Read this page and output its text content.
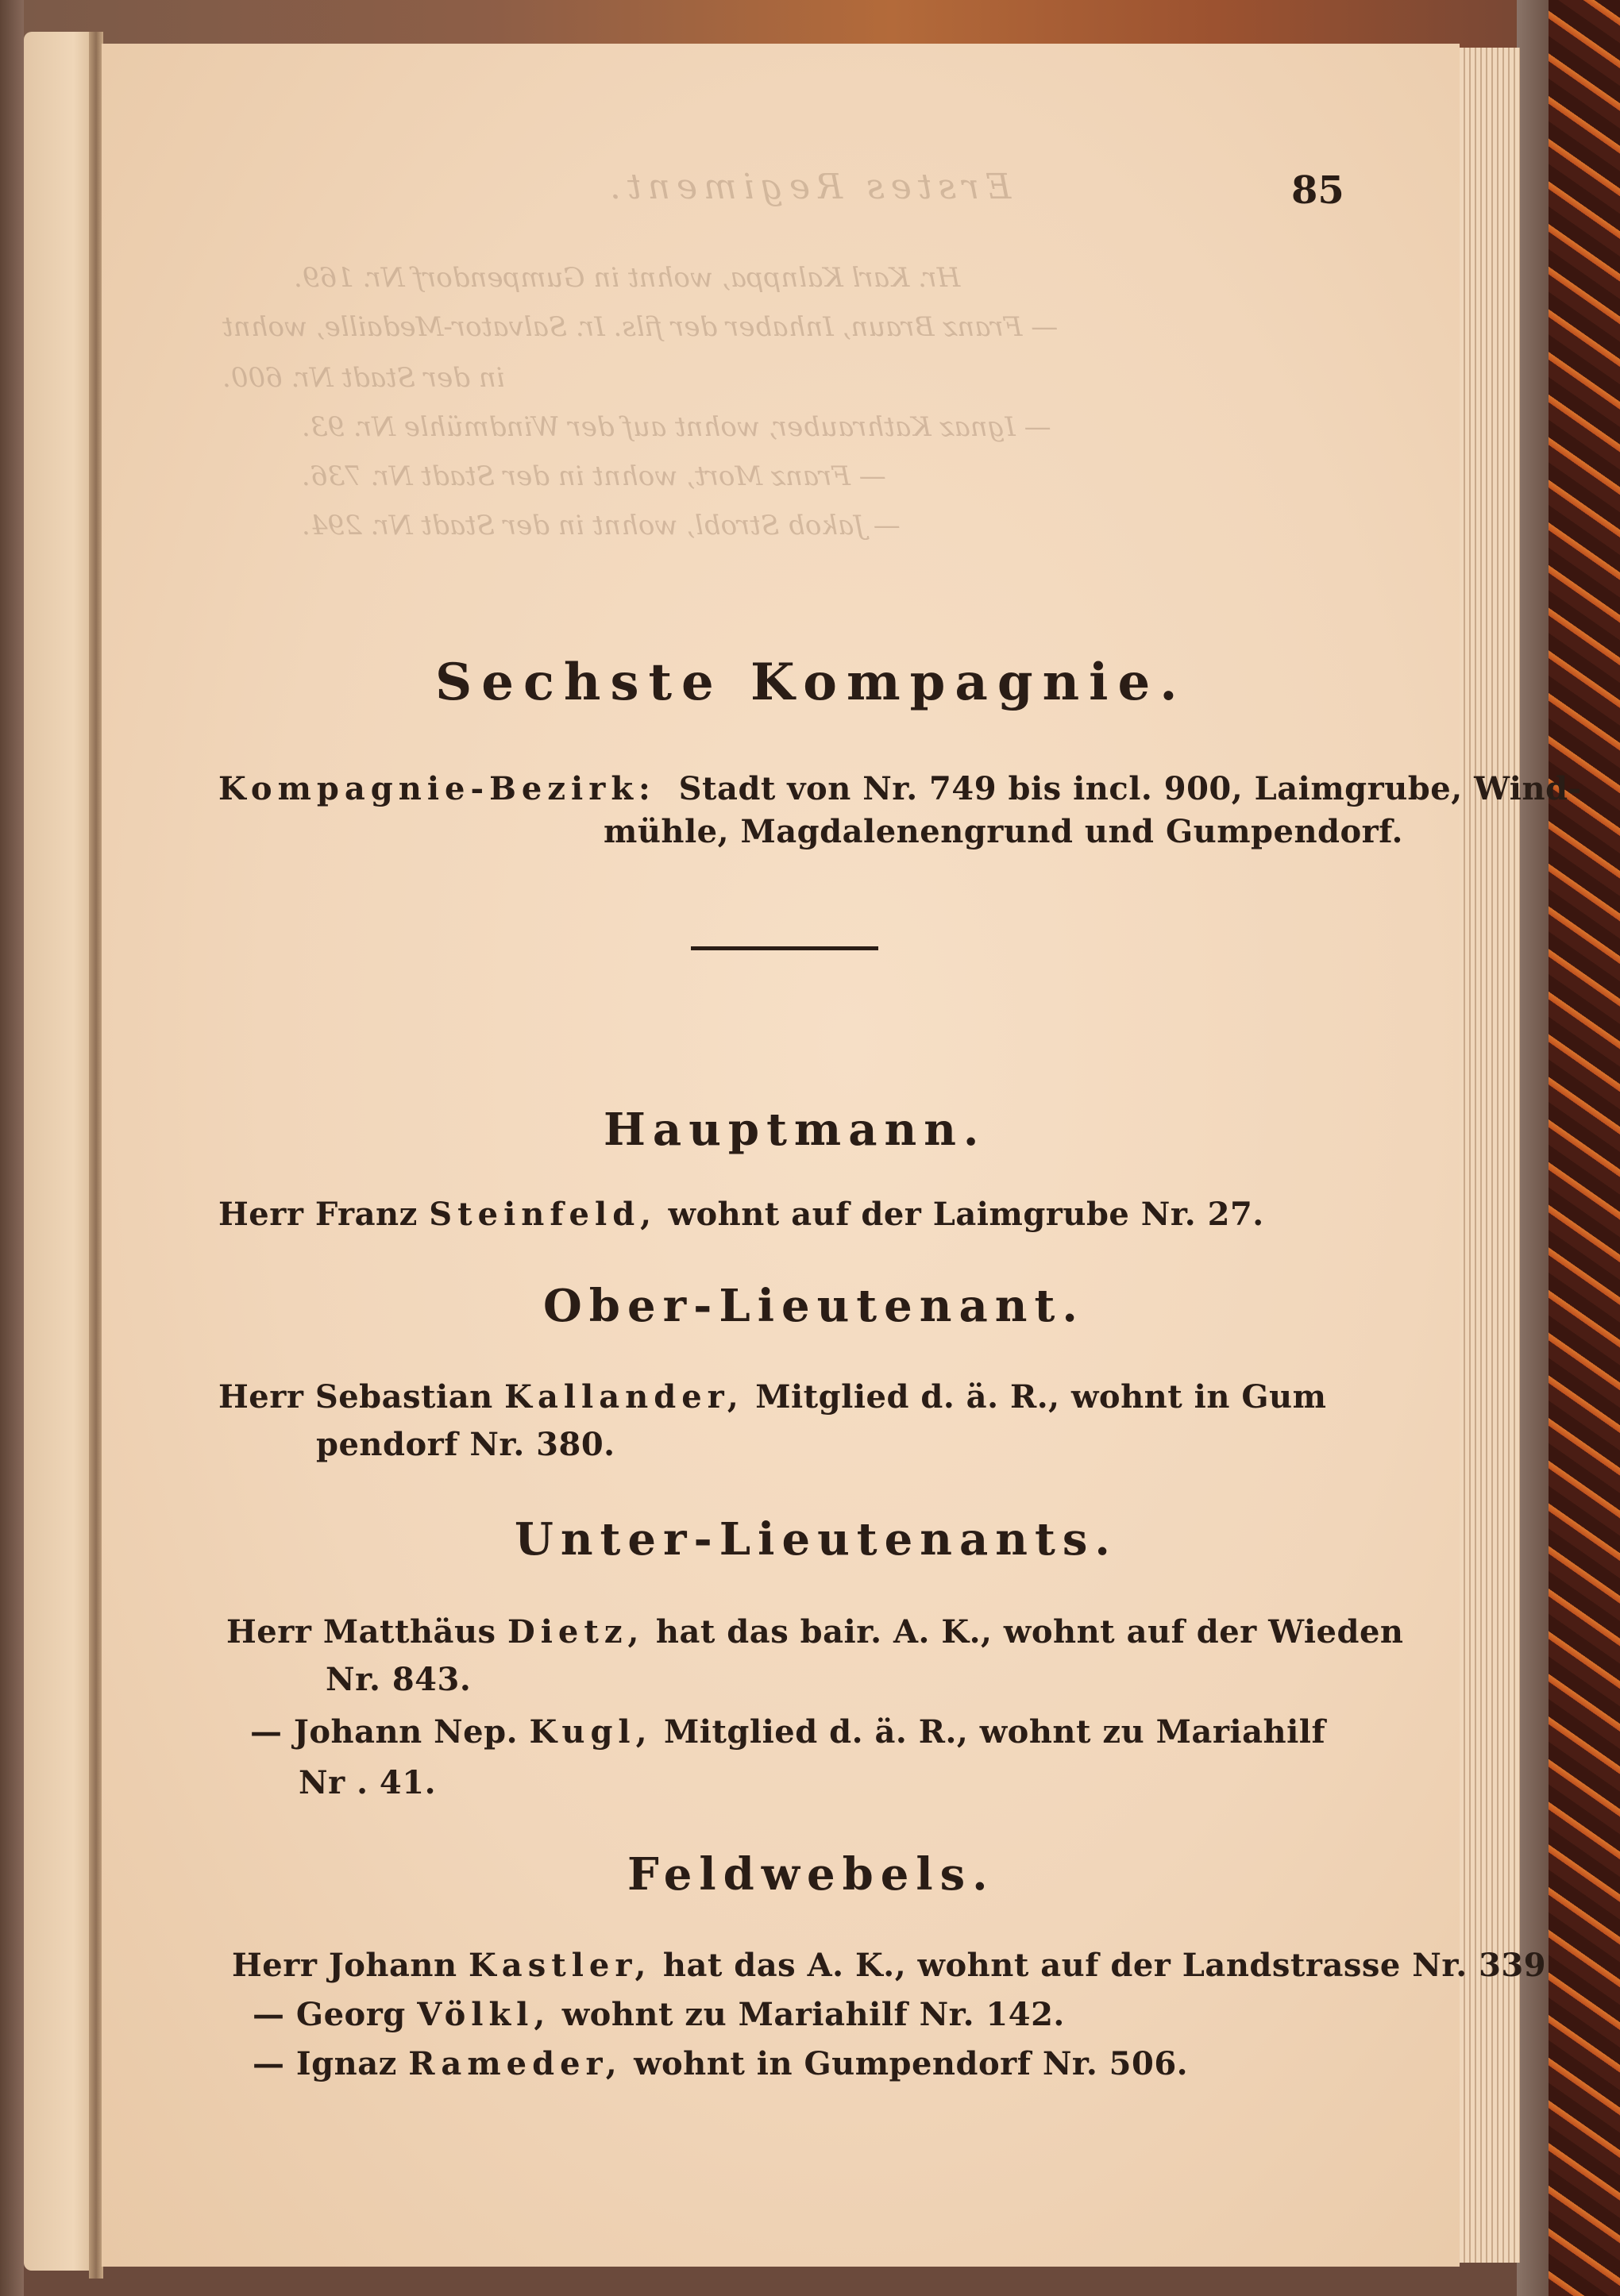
Erstes Regiment.
Hr. Karl Kalnppa, wohnt in Gumpendorf Nr. 169.
— Franz Braun, Inhaber der fils. Ir. Salvator-Medaille, wohnt
in der Stadt Nr. 600.
— Ignaz Kathrauber, wohnt auf der Windmühle Nr. 93.
— Franz Mort, wohnt in der Stadt Nr. 736.
— Jakob Strobl, wohnt in der Stadt Nr. 294.
85
Sechste Kompagnie.
Kompagnie-Bezirk: Stadt von Nr. 749 bis incl. 900, Laimgrube, Wind-
mühle, Magdalenengrund und Gumpendorf.
Hauptmann.
Herr Franz Steinfeld, wohnt auf der Laimgrube Nr. 27.
Ober-Lieutenant.
Herr Sebastian Kallander, Mitglied d. ä. R., wohnt in Gum
pendorf Nr. 380.
Unter-Lieutenants.
Herr Matthäus Dietz, hat das bair. A. K., wohnt auf der Wieden
Nr. 843.
— Johann Nep. Kugl, Mitglied d. ä. R., wohnt zu Mariahilf
Nr . 41.
Feldwebels.
Herr Johann Kastler, hat das A. K., wohnt auf der Landstrasse Nr. 339
— Georg Völkl, wohnt zu Mariahilf Nr. 142.
— Ignaz Rameder, wohnt in Gumpendorf Nr. 506.
